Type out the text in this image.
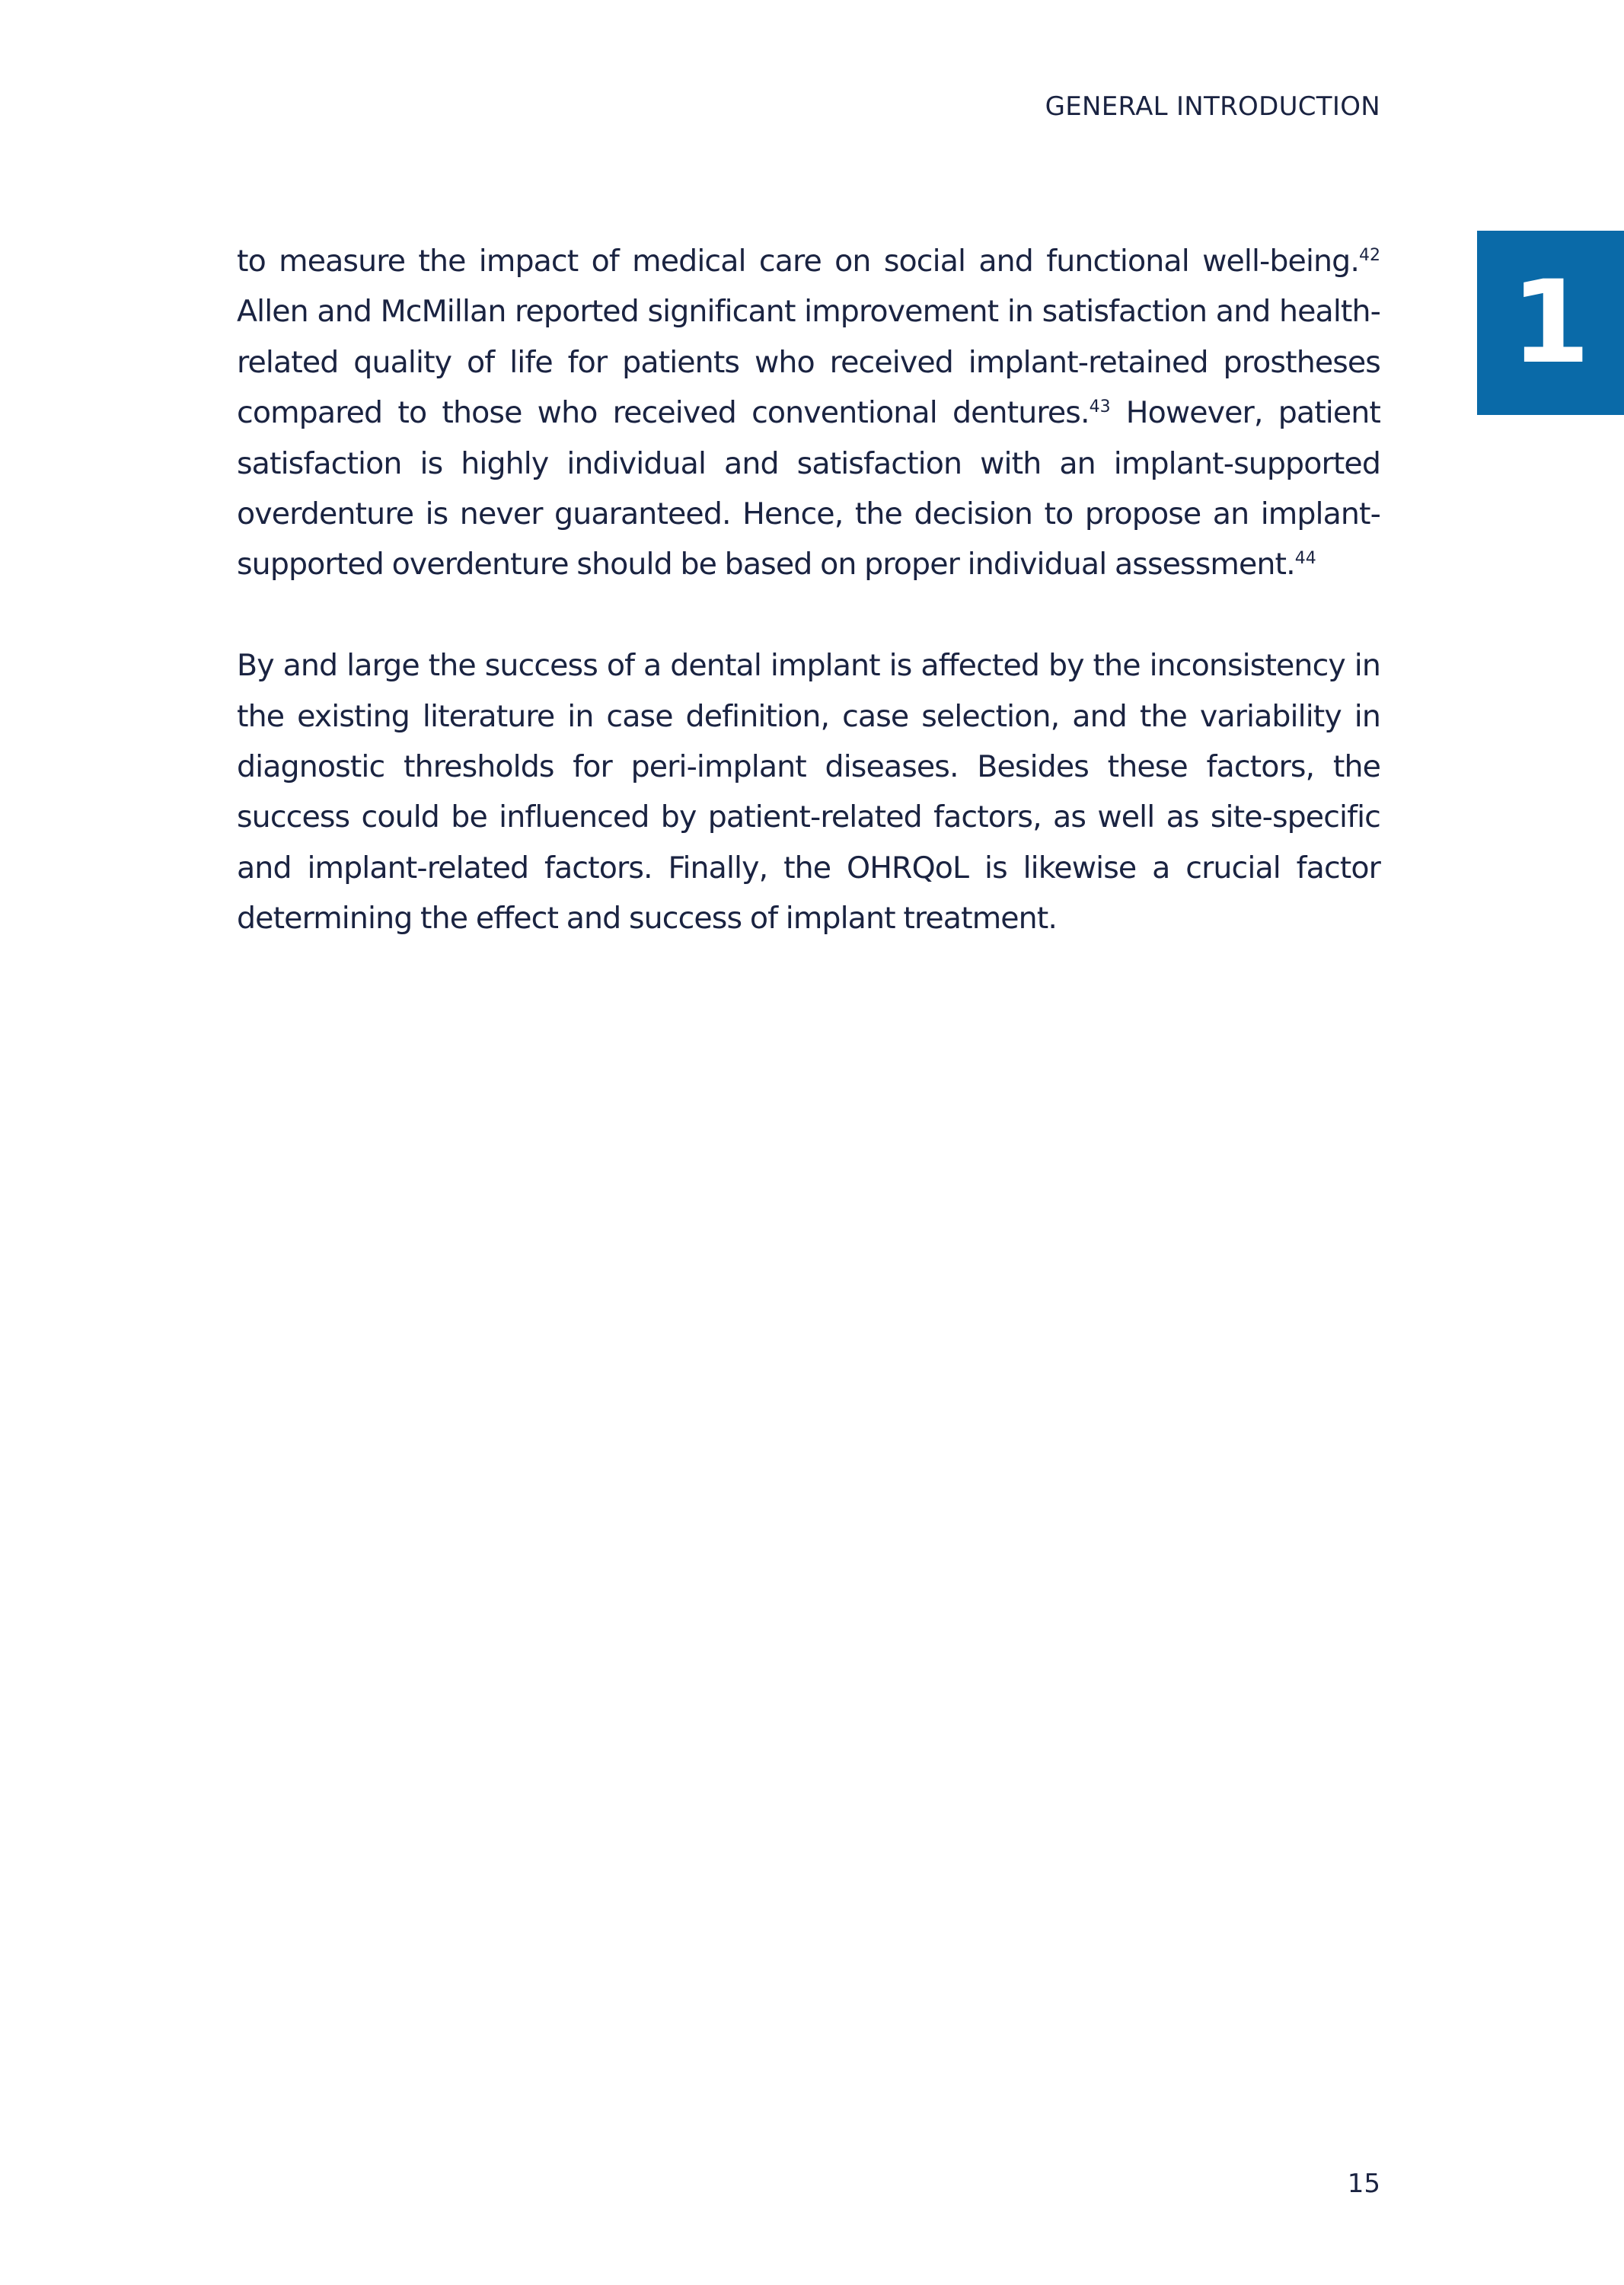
GENERAL INTRODUCTION
1

to measure the impact of medical care on social and functional well-being.$^{42}$ Allen and McMillan reported significant improvement in satisfaction and health-related quality of life for patients who received implant-retained prostheses compared to those who received conventional dentures.$^{43}$ However, patient satisfaction is highly individual and satisfaction with an implant-supported overdenture is never guaranteed. Hence, the decision to propose an implant-supported overdenture should be based on proper individual assessment.$^{44}$

By and large the success of a dental implant is affected by the inconsistency in the existing literature in case definition, case selection, and the variability in diagnostic thresholds for peri-implant diseases. Besides these factors, the success could be influenced by patient-related factors, as well as site-specific and implant-related factors. Finally, the OHRQoL is likewise a crucial factor determining the effect and success of implant treatment.

15
